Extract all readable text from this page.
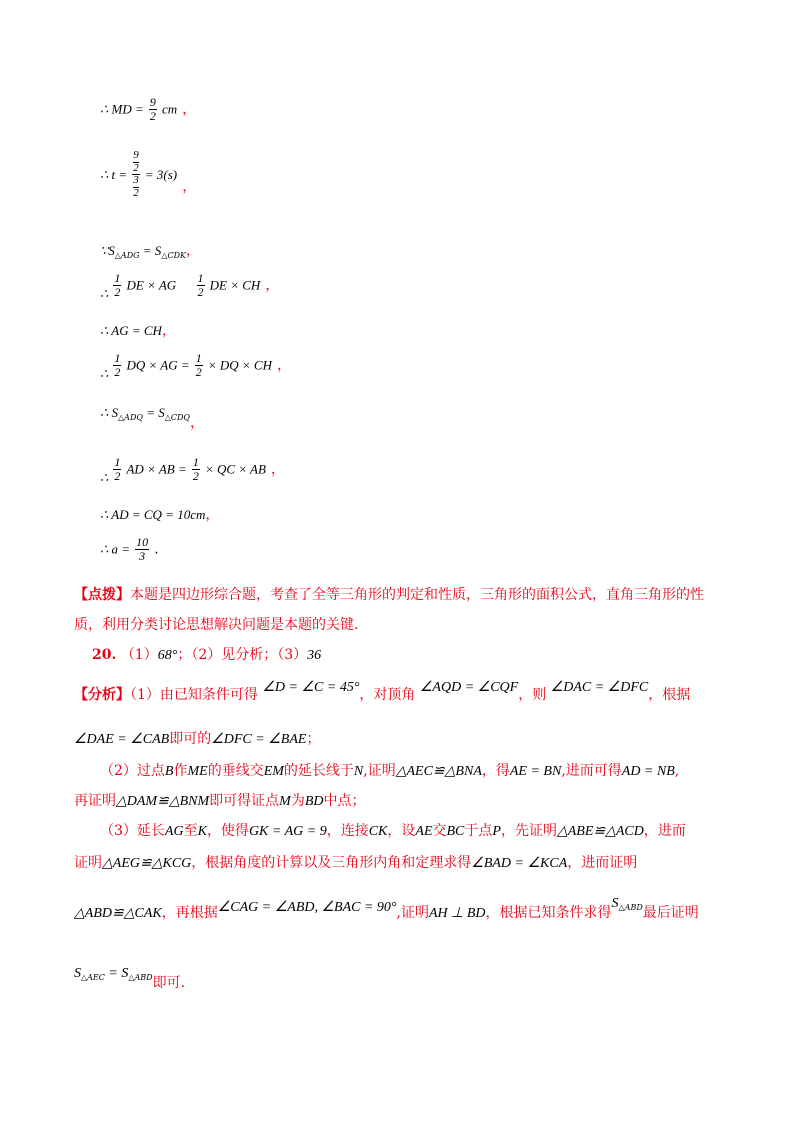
∴ MD = $\frac{9}{2}$ cm ，
∴ t = 9
2
3
2 = 3(s) ，
$\because S_{\triangle ADG} = S_{\triangle CDK}$，
$_\therefore \frac{1}{2}$ DE × AG $\frac{1}{2}$ DE × CH ，
∴ AG = CH，
$_\therefore \frac{1}{2}$ DQ × AG = $\frac{1}{2}$ × DQ × CH ，
∴ $S_{\triangle ADQ} = S_{\triangle CDQ}$，
$_\therefore \frac{1}{2}$ AD × AB = $\frac{1}{2}$ × QC × AB ，
∴ AD = CQ = 10cm，
∴ $a = \frac{10}{3}$ .
【点拨】本题是四边形综合题，考查了全等三角形的判定和性质，三角形的面积公式，直角三角形的性质，利用分类讨论思想解决问题是本题的关键.
20. （1）68°；（2）见分析；（3）36
【分析】（1）由已知条件可得 ∠D = ∠C = 45°，对顶角 ∠AQD = ∠CQF，则 ∠DAC = ∠DFC，根据
∠DAE = ∠CAB即可的∠DFC = ∠BAE；
（2）过点B作ME的垂线交EM的延长线于N,证明△AEC≌△BNA，得AE = BN,进而可得AD = NB,
再证明△DAM≌△BNM即可得证点M为BD中点；
（3）延长AG至K，使得GK = AG = 9，连接CK，设AE交BC于点P，先证明△ABE≌△ACD，进而
证明△AEG≌△KCG，根据角度的计算以及三角形内角和定理求得∠BAD = ∠KCA，进而证明
△ABD≌△CAK，再根据∠CAG = ∠ABD, ∠BAC = 90°,证明AH ⊥ BD，根据已知条件求得$S^{\triangle ABD}$最后证明
$S_{\triangle AEC} = S_{\triangle ABD}$即可.
